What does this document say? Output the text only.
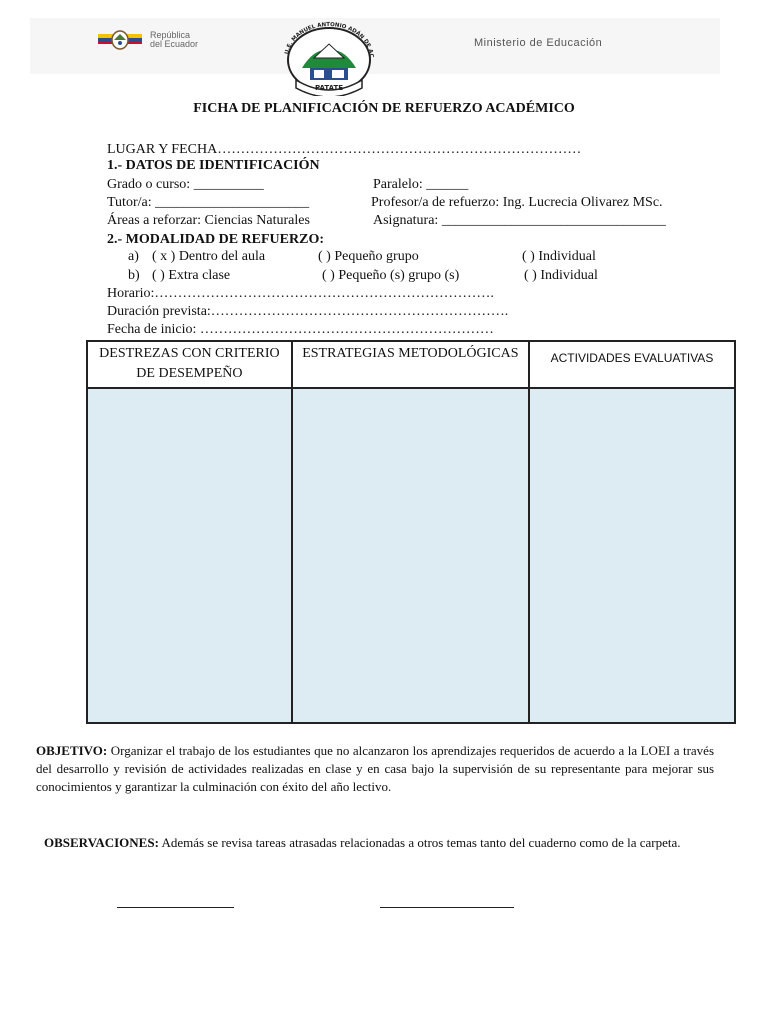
República
del Ecuador
U.E. MANUEL ANTONIO ADÁN DE AC
PATATE
Ministerio de Educación
FICHA DE PLANIFICACIÓN DE REFUERZO ACADÉMICO
LUGAR Y FECHA……………………………………………………………………
1.- DATOS DE IDENTIFICACIÓN
Grado o curso: __________	Paralelo: ______
Tutor/a: ______________________	Profesor/a de refuerzo: Ing. Lucrecia Olivarez MSc.
Áreas a reforzar: Ciencias Naturales	Asignatura: ________________________________
2.- MODALIDAD DE REFUERZO:
a) ( x ) Dentro del aula	( ) Pequeño grupo	( ) Individual
b) ( ) Extra clase	( ) Pequeño (s) grupo (s)	( ) Individual
Horario:……………………………………………………………….
Duración prevista:……………………………………………………….
Fecha de inicio: ………………………………………………………
DESTREZAS CON CRITERIO DE DESEMPEÑO	ESTRATEGIAS METODOLÓGICAS	ACTIVIDADES EVALUATIVAS

OBJETIVO: Organizar el trabajo de los estudiantes que no alcanzaron los aprendizajes requeridos de acuerdo a la LOEI a través del desarrollo y revisión de actividades realizadas en clase y en casa bajo la supervisión de su representante para mejorar sus conocimientos y garantizar la culminación con éxito del año lectivo.
OBSERVACIONES: Además se revisa tareas atrasadas relacionadas a otros temas tanto del cuaderno como de la carpeta.
